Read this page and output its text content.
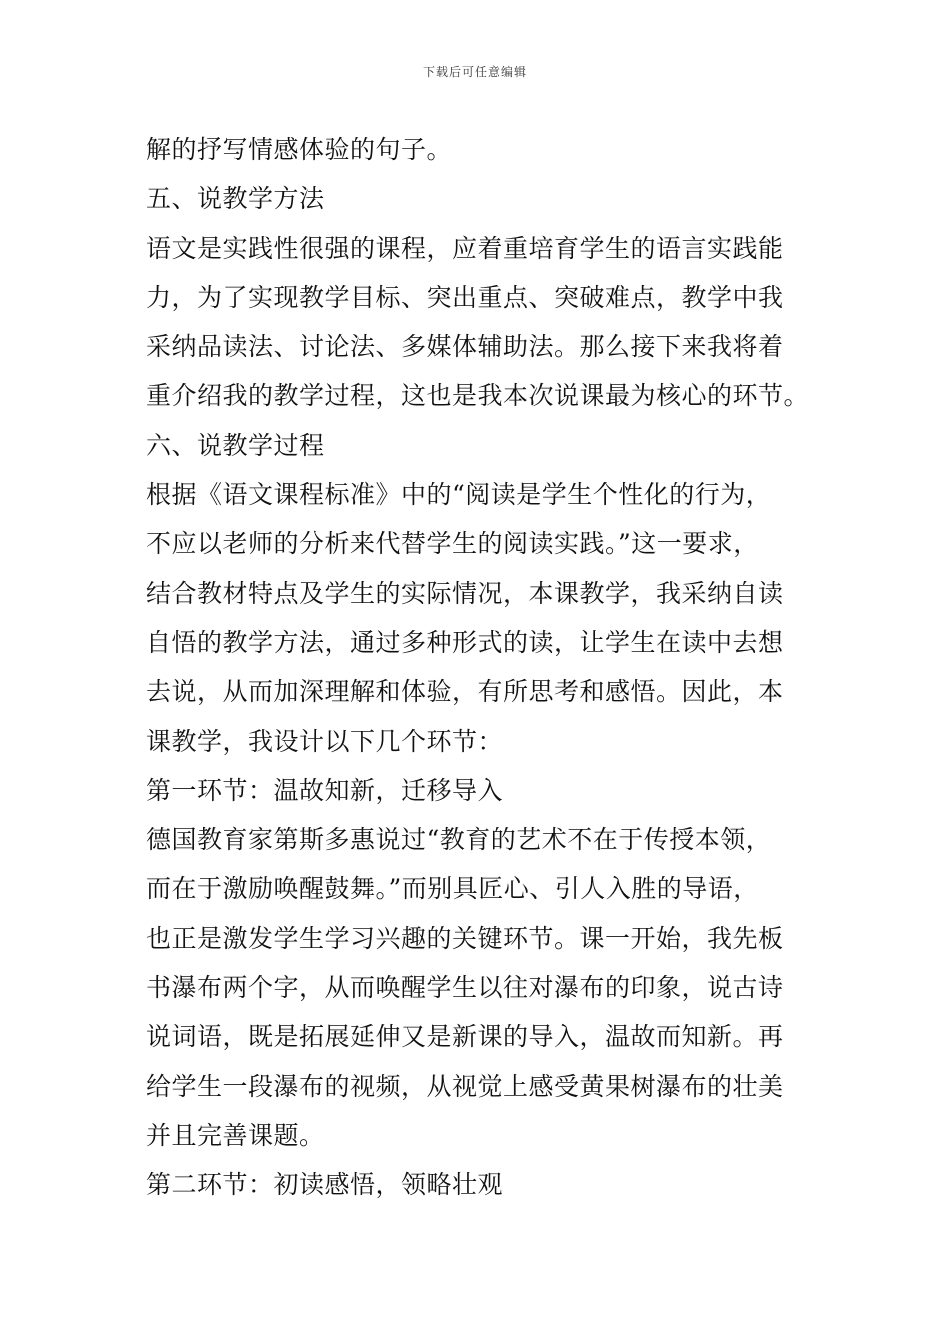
下载后可任意编辑
解的抒写情感体验的句子。
五、说教学方法
语文是实践性很强的课程，应着重培育学生的语言实践能
力，为了实现教学目标、突出重点、突破难点，教学中我
采纳品读法、讨论法、多媒体辅助法。那么接下来我将着
重介绍我的教学过程，这也是我本次说课最为核心的环节。
六、说教学过程
根据《语文课程标准》中的“阅读是学生个性化的行为，
不应以老师的分析来代替学生的阅读实践。”这一要求，
结合教材特点及学生的实际情况，本课教学，我采纳自读
自悟的教学方法，通过多种形式的读，让学生在读中去想
去说，从而加深理解和体验，有所思考和感悟。因此，本
课教学，我设计以下几个环节：
第一环节：温故知新，迁移导入
德国教育家第斯多惠说过“教育的艺术不在于传授本领，
而在于激励唤醒鼓舞。”而别具匠心、引人入胜的导语，
也正是激发学生学习兴趣的关键环节。课一开始，我先板
书瀑布两个字，从而唤醒学生以往对瀑布的印象，说古诗
说词语，既是拓展延伸又是新课的导入，温故而知新。再
给学生一段瀑布的视频，从视觉上感受黄果树瀑布的壮美
并且完善课题。
第二环节：初读感悟，领略壮观
